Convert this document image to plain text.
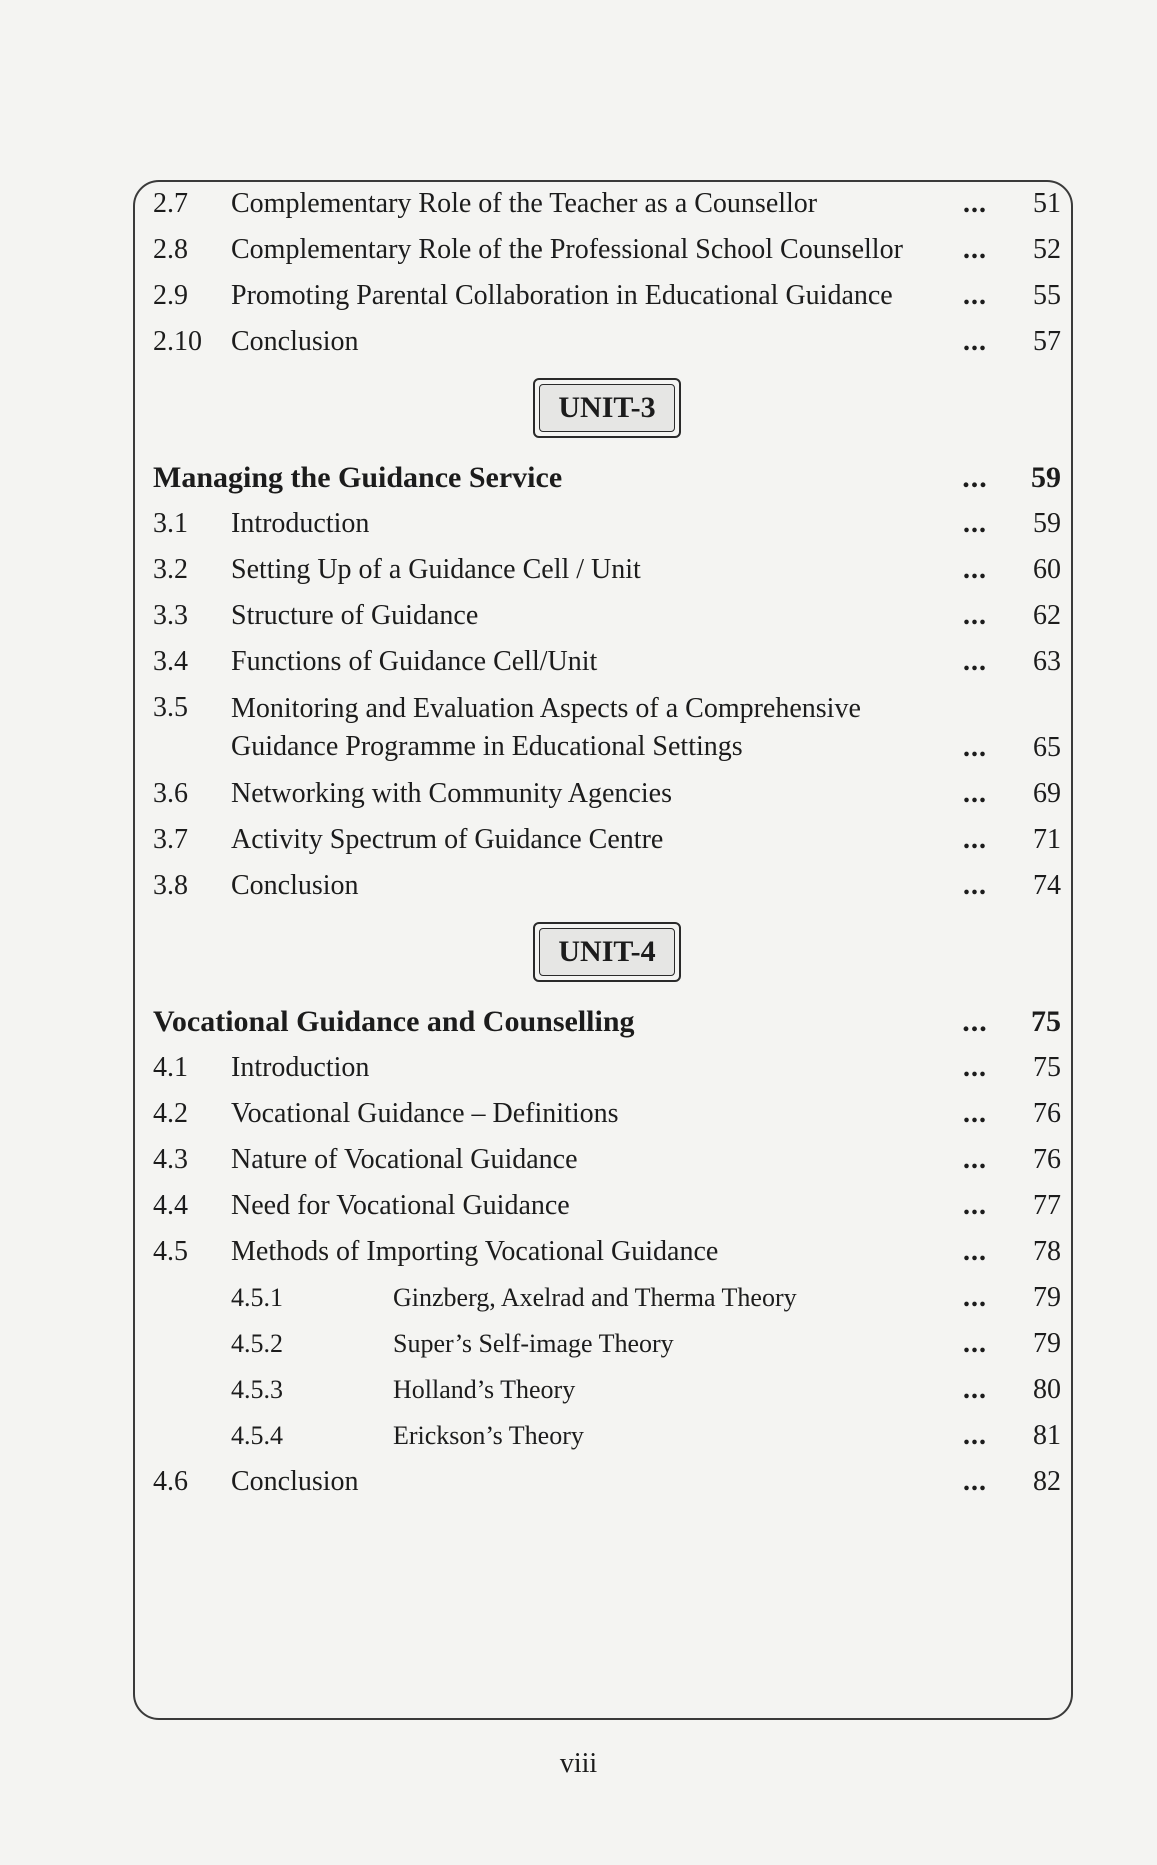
2.7	Complementary Role of the Teacher as a Counsellor	...	51
2.8	Complementary Role of the Professional School Counsellor	...	52
2.9	Promoting Parental Collaboration in Educational Guidance	...	55
2.10	Conclusion	...	57
UNIT-3
Managing the Guidance Service	...	59
3.1	Introduction	...	59
3.2	Setting Up of a Guidance Cell / Unit	...	60
3.3	Structure of Guidance	...	62
3.4	Functions of Guidance Cell/Unit	...	63
3.5	Monitoring and Evaluation Aspects of a Comprehensive
Guidance Programme in Educational Settings	...	65
3.6	Networking with Community Agencies	...	69
3.7	Activity Spectrum of Guidance Centre	...	71
3.8	Conclusion	...	74
UNIT-4
Vocational Guidance and Counselling	...	75
4.1	Introduction	...	75
4.2	Vocational Guidance – Definitions	...	76
4.3	Nature of Vocational Guidance	...	76
4.4	Need for Vocational Guidance	...	77
4.5	Methods of Importing Vocational Guidance	...	78
4.5.1	Ginzberg, Axelrad and Therma Theory	...	79
4.5.2	Super’s Self-image Theory	...	79
4.5.3	Holland’s Theory	...	80
4.5.4	Erickson’s Theory	...	81
4.6	Conclusion	...	82
viii
